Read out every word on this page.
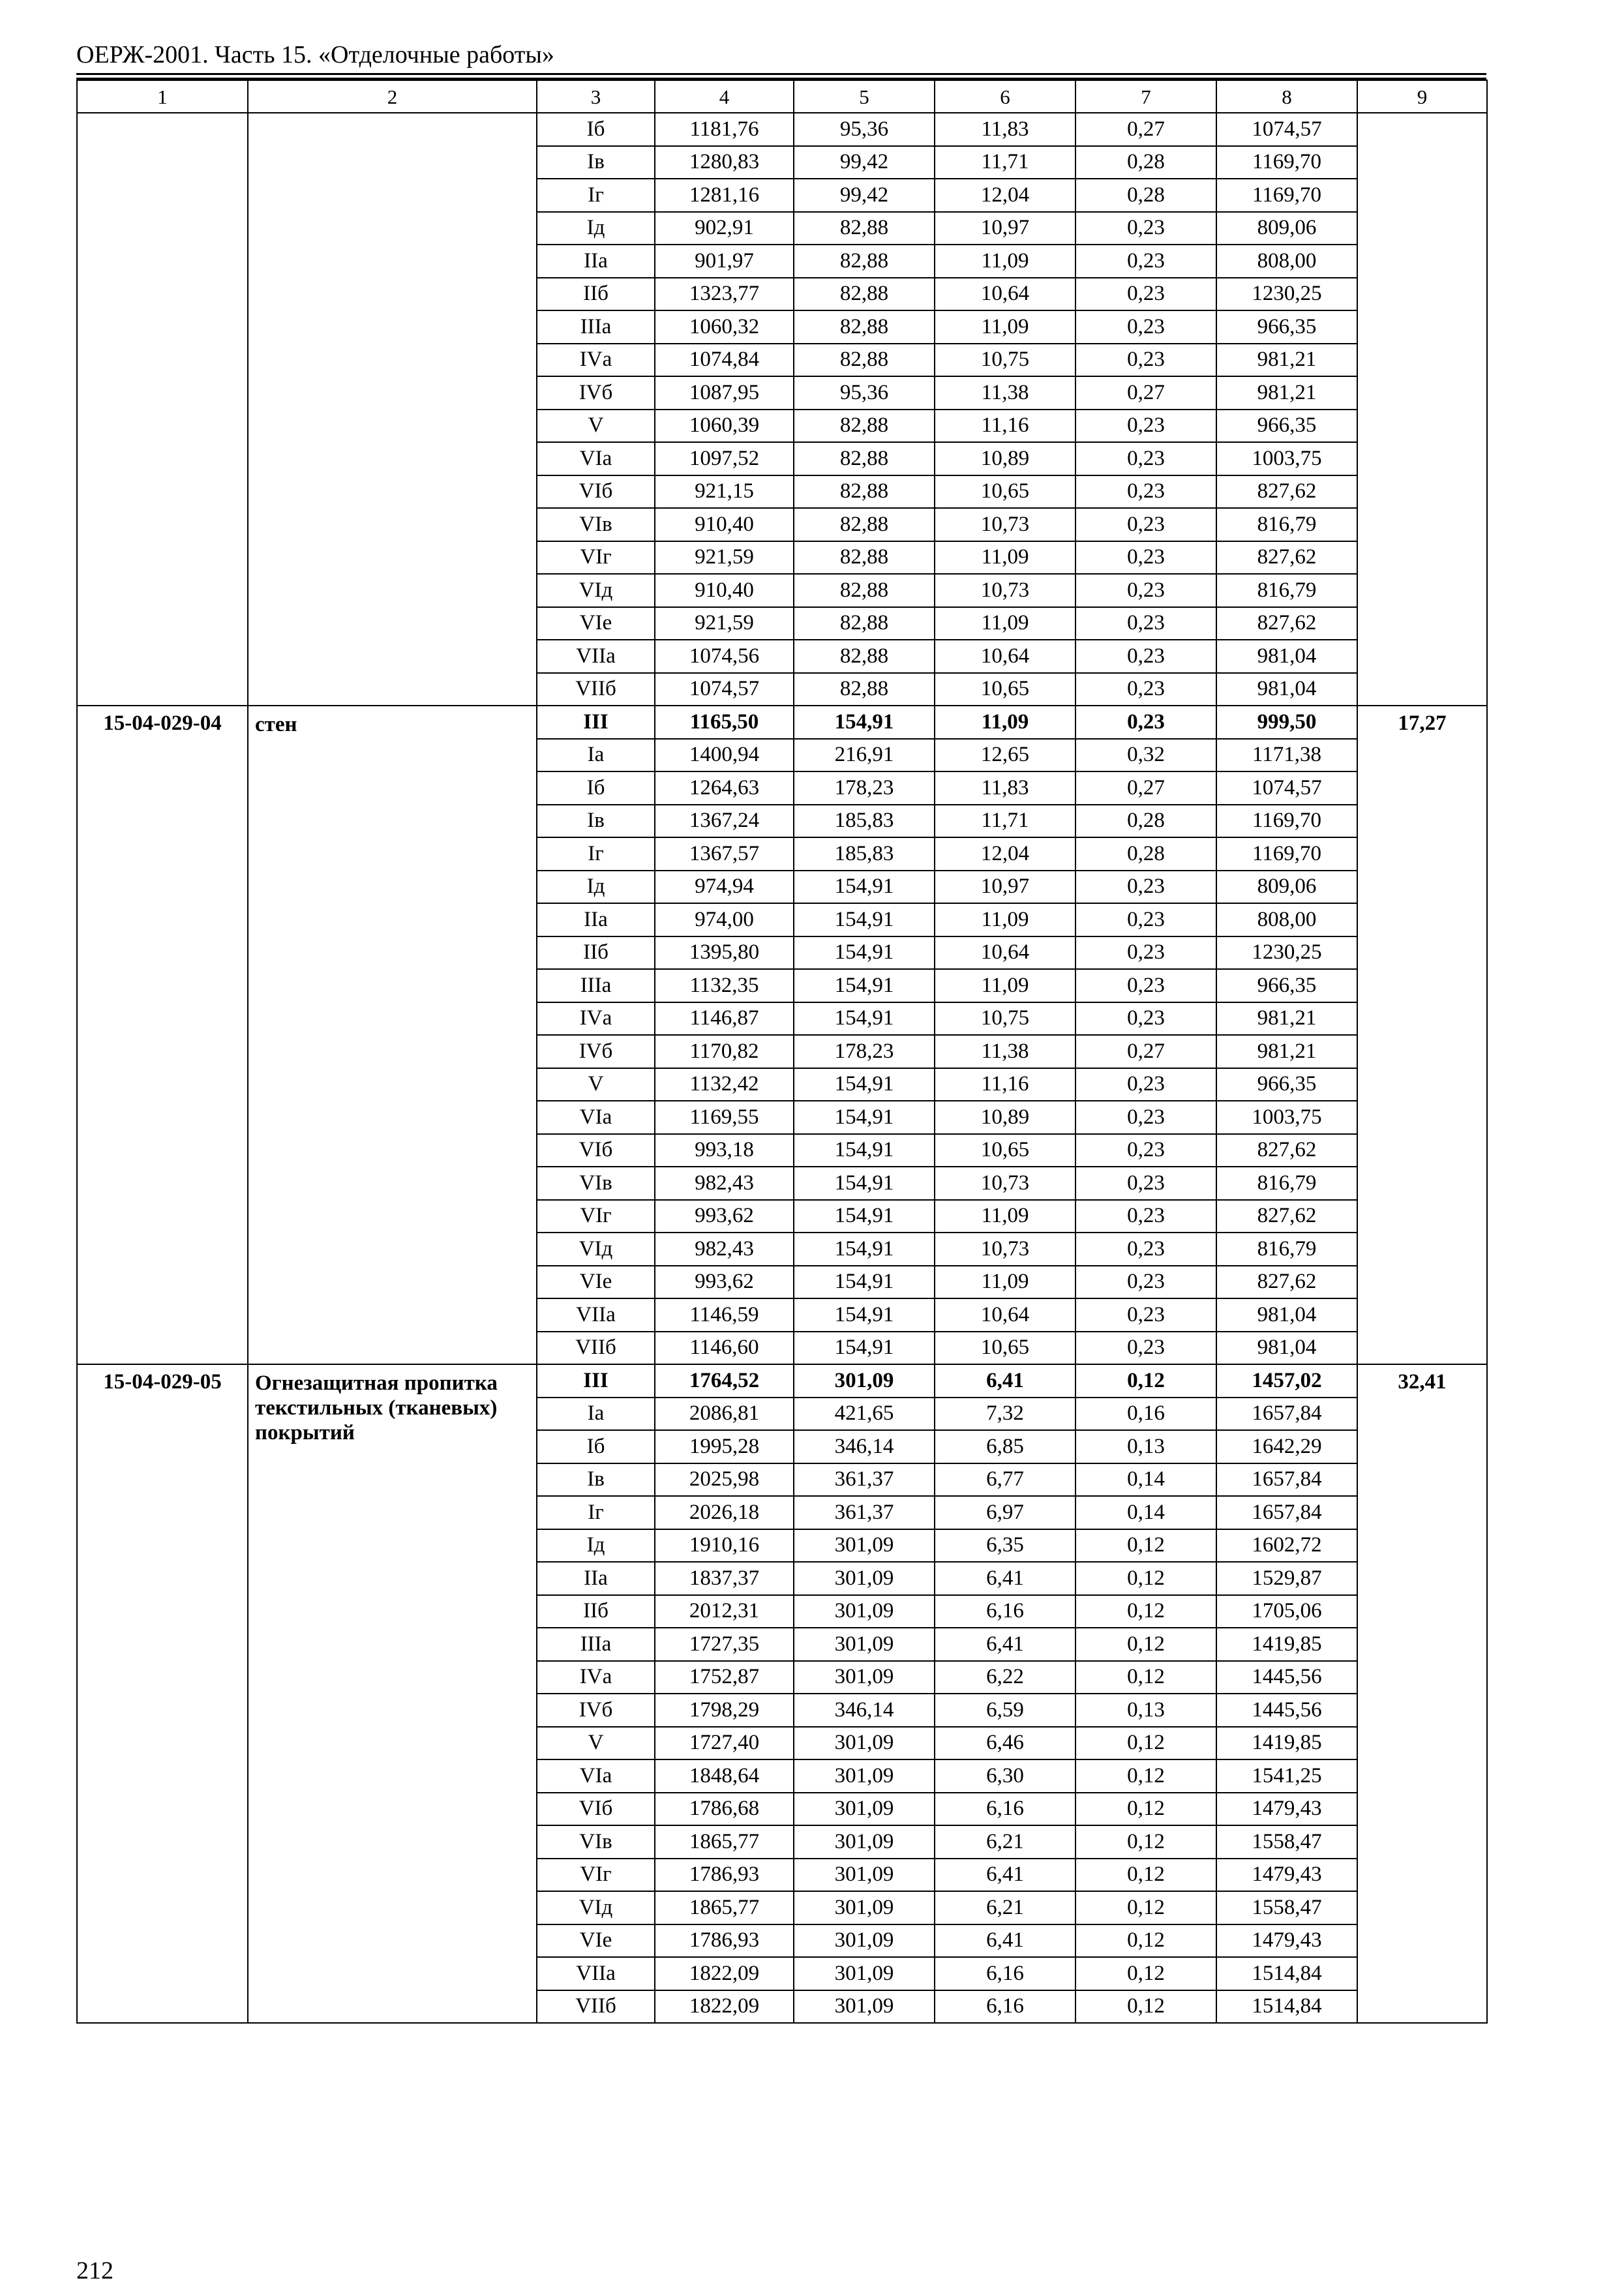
ОЕРЖ-2001. Часть 15. «Отделочные работы»
1	2	3	4	5	6	7	8	9
		Iб	1181,76	95,36	11,83	0,27	1074,57	
		Iв	1280,83	99,42	11,71	0,28	1169,70	
		Iг	1281,16	99,42	12,04	0,28	1169,70	
		Iд	902,91	82,88	10,97	0,23	809,06	
		IIа	901,97	82,88	11,09	0,23	808,00	
		IIб	1323,77	82,88	10,64	0,23	1230,25	
		IIIа	1060,32	82,88	11,09	0,23	966,35	
		IVа	1074,84	82,88	10,75	0,23	981,21	
		IVб	1087,95	95,36	11,38	0,27	981,21	
		V	1060,39	82,88	11,16	0,23	966,35	
		VIа	1097,52	82,88	10,89	0,23	1003,75	
		VIб	921,15	82,88	10,65	0,23	827,62	
		VIв	910,40	82,88	10,73	0,23	816,79	
		VIг	921,59	82,88	11,09	0,23	827,62	
		VIд	910,40	82,88	10,73	0,23	816,79	
		VIе	921,59	82,88	11,09	0,23	827,62	
		VIIа	1074,56	82,88	10,64	0,23	981,04	
		VIIб	1074,57	82,88	10,65	0,23	981,04	
15-04-029-04	стен	III	1165,50	154,91	11,09	0,23	999,50	17,27
		Iа	1400,94	216,91	12,65	0,32	1171,38	
		Iб	1264,63	178,23	11,83	0,27	1074,57	
		Iв	1367,24	185,83	11,71	0,28	1169,70	
		Iг	1367,57	185,83	12,04	0,28	1169,70	
		Iд	974,94	154,91	10,97	0,23	809,06	
		IIа	974,00	154,91	11,09	0,23	808,00	
		IIб	1395,80	154,91	10,64	0,23	1230,25	
		IIIа	1132,35	154,91	11,09	0,23	966,35	
		IVа	1146,87	154,91	10,75	0,23	981,21	
		IVб	1170,82	178,23	11,38	0,27	981,21	
		V	1132,42	154,91	11,16	0,23	966,35	
		VIа	1169,55	154,91	10,89	0,23	1003,75	
		VIб	993,18	154,91	10,65	0,23	827,62	
		VIв	982,43	154,91	10,73	0,23	816,79	
		VIг	993,62	154,91	11,09	0,23	827,62	
		VIд	982,43	154,91	10,73	0,23	816,79	
		VIе	993,62	154,91	11,09	0,23	827,62	
		VIIа	1146,59	154,91	10,64	0,23	981,04	
		VIIб	1146,60	154,91	10,65	0,23	981,04	
15-04-029-05	Огнезащитная пропитка текстильных (тканевых) покрытий	III	1764,52	301,09	6,41	0,12	1457,02	32,41
		Iа	2086,81	421,65	7,32	0,16	1657,84	
		Iб	1995,28	346,14	6,85	0,13	1642,29	
		Iв	2025,98	361,37	6,77	0,14	1657,84	
		Iг	2026,18	361,37	6,97	0,14	1657,84	
		Iд	1910,16	301,09	6,35	0,12	1602,72	
		IIа	1837,37	301,09	6,41	0,12	1529,87	
		IIб	2012,31	301,09	6,16	0,12	1705,06	
		IIIа	1727,35	301,09	6,41	0,12	1419,85	
		IVа	1752,87	301,09	6,22	0,12	1445,56	
		IVб	1798,29	346,14	6,59	0,13	1445,56	
		V	1727,40	301,09	6,46	0,12	1419,85	
		VIа	1848,64	301,09	6,30	0,12	1541,25	
		VIб	1786,68	301,09	6,16	0,12	1479,43	
		VIв	1865,77	301,09	6,21	0,12	1558,47	
		VIг	1786,93	301,09	6,41	0,12	1479,43	
		VIд	1865,77	301,09	6,21	0,12	1558,47	
		VIе	1786,93	301,09	6,41	0,12	1479,43	
		VIIа	1822,09	301,09	6,16	0,12	1514,84	
		VIIб	1822,09	301,09	6,16	0,12	1514,84	
212
